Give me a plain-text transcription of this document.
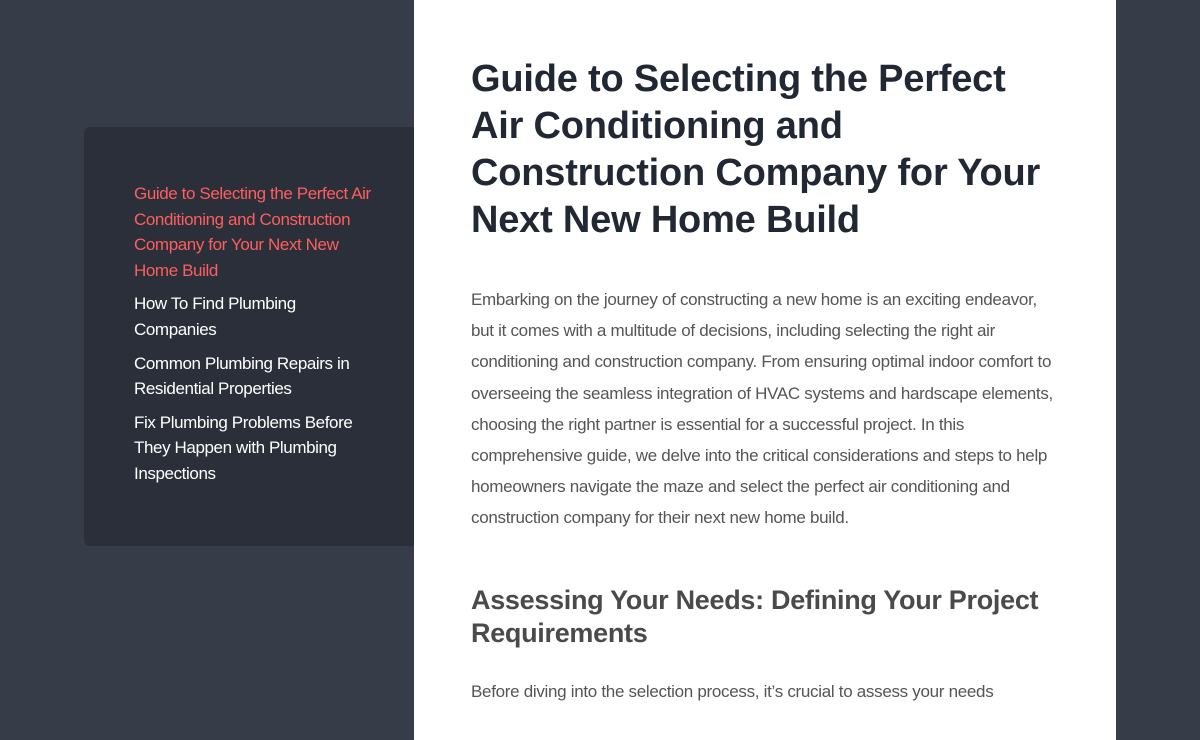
Guide to Selecting the Perfect Air Conditioning and Construction Company for Your Next New Home Build
How To Find Plumbing Companies
Common Plumbing Repairs in Residential Properties
Fix Plumbing Problems Before They Happen with Plumbing Inspections
Guide to Selecting the Perfect Air Conditioning and Construction Company for Your Next New Home Build

Embarking on the journey of constructing a new home is an exciting endeavor, but it comes with a multitude of decisions, including selecting the right air conditioning and construction company. From ensuring optimal indoor comfort to overseeing the seamless integration of HVAC systems and hardscape elements, choosing the right partner is essential for a successful project. In this comprehensive guide, we delve into the critical considerations and steps to help homeowners navigate the maze and select the perfect air conditioning and construction company for their next new home build.

Assessing Your Needs: Defining Your Project Requirements

Before diving into the selection process, it’s crucial to assess your needs
